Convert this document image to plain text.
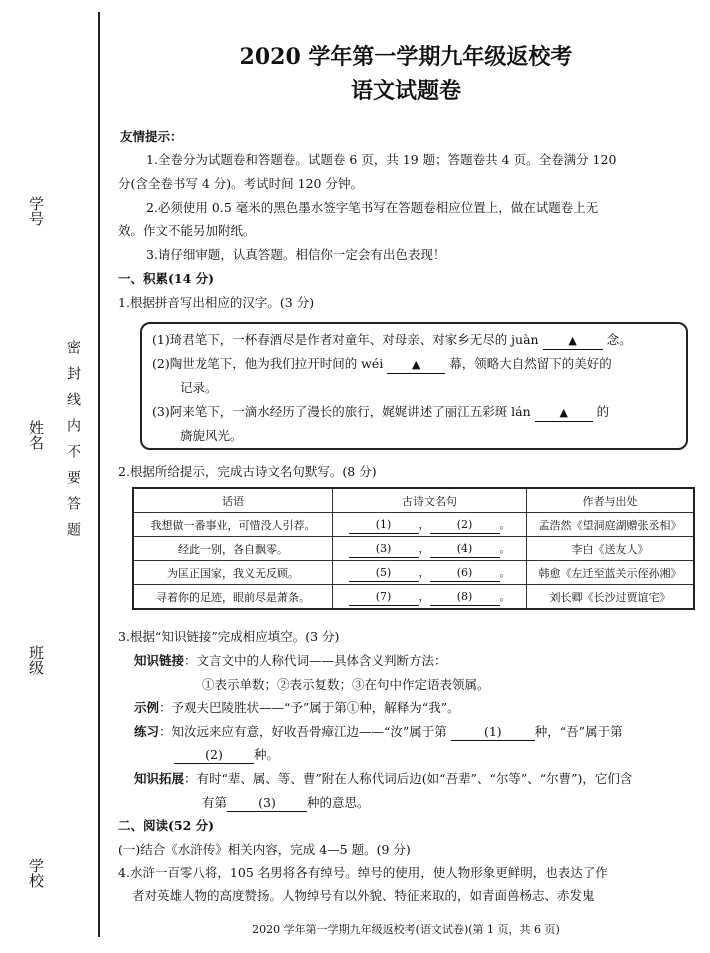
学号
姓名
班级
学校
密封线内不要答题
2020 学年第一学期九年级返校考
语文试题卷
友情提示：
1.全卷分为试题卷和答题卷。试题卷 6 页，共 19 题；答题卷共 4 页。全卷满分 120
分(含全卷书写 4 分)。考试时间 120 分钟。
2.必须使用 0.5 毫米的黑色墨水签字笔书写在答题卷相应位置上，做在试题卷上无
效。作文不能另加附纸。
3.请仔细审题，认真答题。相信你一定会有出色表现！
一、积累(14 分)
1.根据拼音写出相应的汉字。(3 分)
(1)琦君笔下，一杯春酒尽是作者对童年、对母亲、对家乡无尽的 juàn	▲ 念。
(2)陶世龙笔下，他为我们拉开时间的 wéi	▲ 幕，领略大自然留下的美好的
记录。
(3)阿来笔下，一滴水经历了漫长的旅行，娓娓讲述了丽江五彩斑 lán	▲ 的
旖旎风光。
2.根据所给提示，完成古诗文名句默写。(8 分)
话语	古诗文名句	作者与出处
我想做一番事业，可惜没人引荐。	(1) ， (2) 。	孟浩然《望洞庭湖赠张丞相》
经此一别，各自飘零。	(3) ， (4) 。	李白《送友人》
为匡正国家，我义无反顾。	(5) ， (6) 。	韩愈《左迁至蓝关示侄孙湘》
寻着你的足迹，眼前尽是萧条。	(7) ， (8) 。	刘长卿《长沙过贾谊宅》
3.根据“知识链接”完成相应填空。(3 分)
知识链接：文言文中的人称代词——具体含义判断方法：
①表示单数；②表示复数；③在句中作定语表领属。
示例：予观夫巴陵胜状——“予”属于第①种，解释为“我”。
练习：知汝远来应有意，好收吾骨瘴江边——“汝”属于第	(1)	种，“吾”属于第
(2) 种。
知识拓展：有时“辈、属、等、曹”附在人称代词后边(如“吾辈”、“尔等”、“尔曹”)，它们含
有第 (3) 种的意思。
二、阅读(52 分)
(一)结合《水浒传》相关内容，完成 4—5 题。(9 分)
4.水浒一百零八将，105 名男将各有绰号。绰号的使用，使人物形象更鲜明，也表达了作
者对英雄人物的高度赞扬。人物绰号有以外貌、特征来取的，如青面兽杨志、赤发鬼
2020 学年第一学期九年级返校考(语文试卷)(第 1 页，共 6 页)
